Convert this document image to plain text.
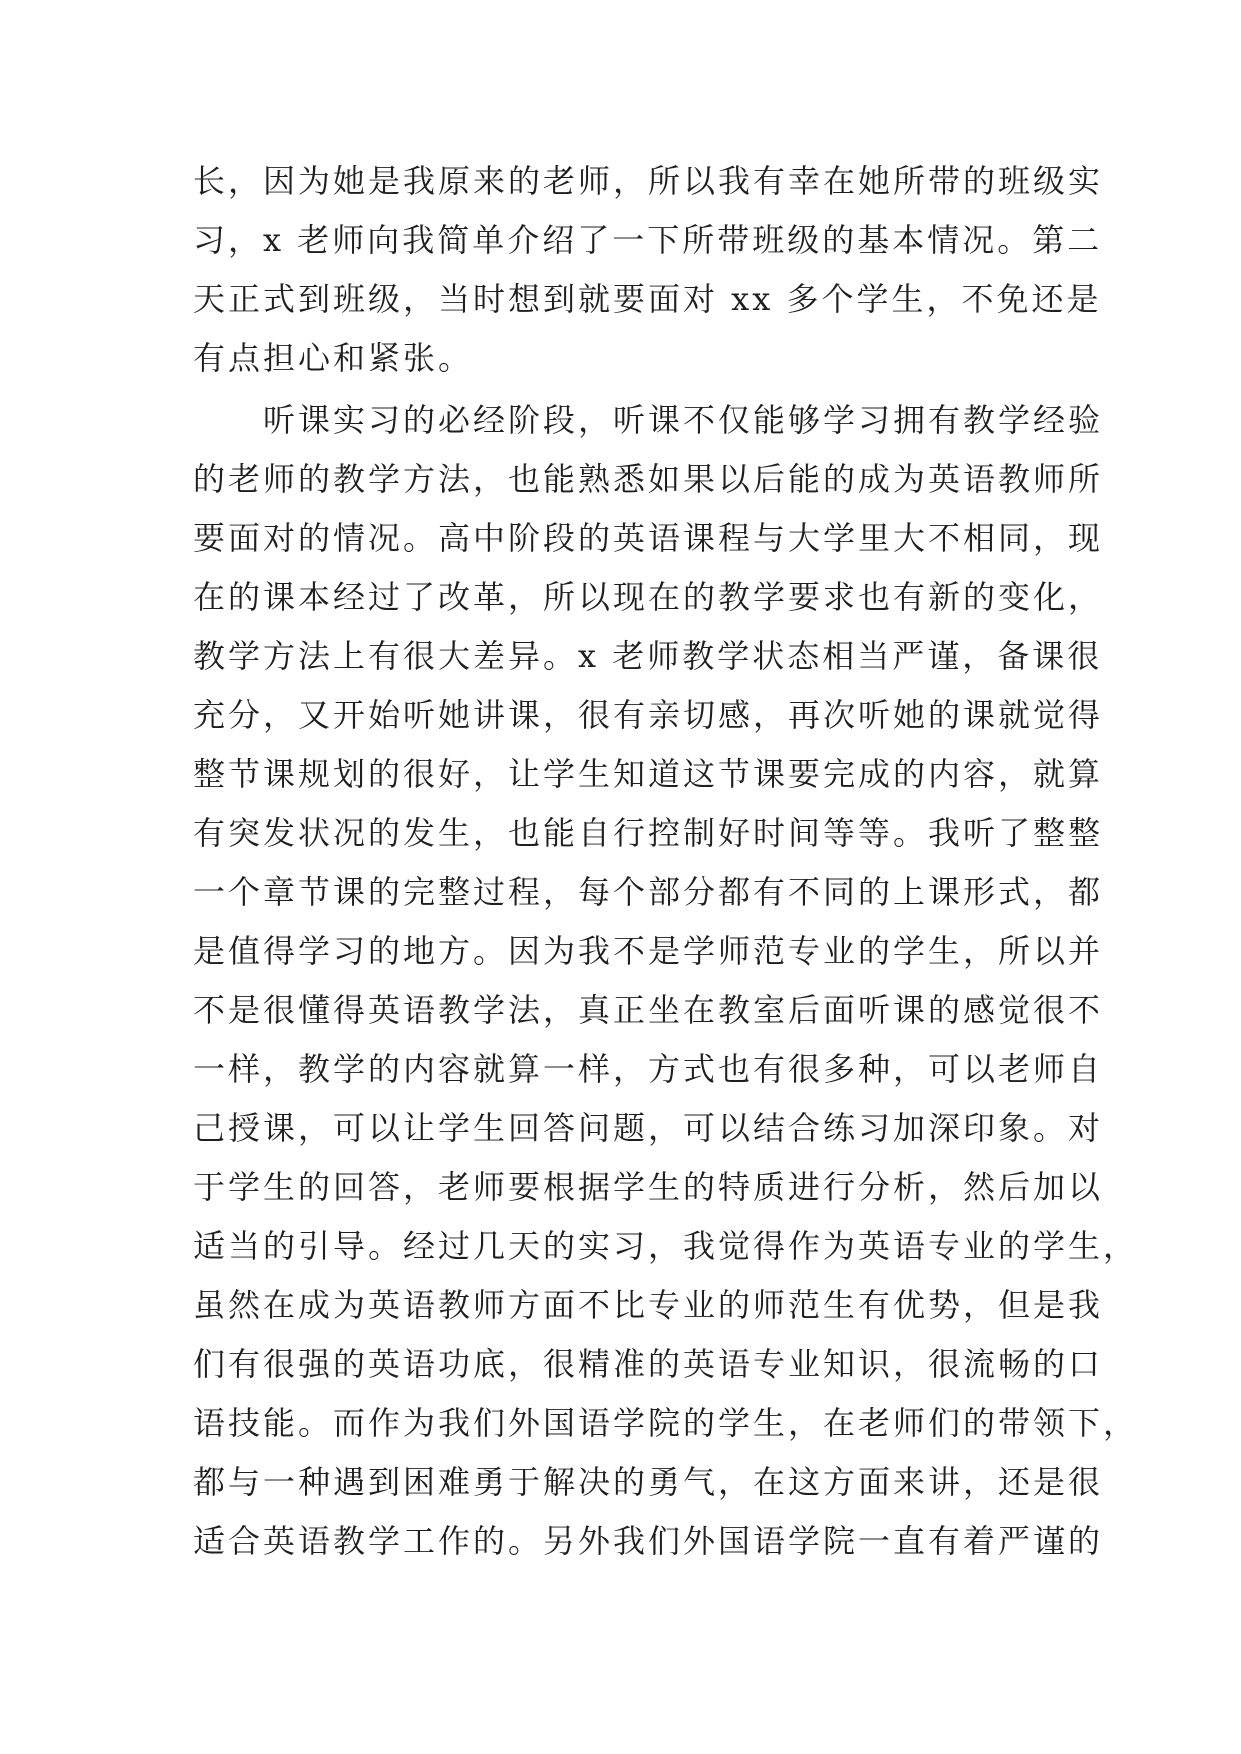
长，因为她是我原来的老师，所以我有幸在她所带的班级实
习，x 老师向我简单介绍了一下所带班级的基本情况。第二
天正式到班级，当时想到就要面对 xx 多个学生，不免还是
有点担心和紧张。
听课实习的必经阶段，听课不仅能够学习拥有教学经验
的老师的教学方法，也能熟悉如果以后能的成为英语教师所
要面对的情况。高中阶段的英语课程与大学里大不相同，现
在的课本经过了改革，所以现在的教学要求也有新的变化，
教学方法上有很大差异。x 老师教学状态相当严谨，备课很
充分，又开始听她讲课，很有亲切感，再次听她的课就觉得
整节课规划的很好，让学生知道这节课要完成的内容，就算
有突发状况的发生，也能自行控制好时间等等。我听了整整
一个章节课的完整过程，每个部分都有不同的上课形式，都
是值得学习的地方。因为我不是学师范专业的学生，所以并
不是很懂得英语教学法，真正坐在教室后面听课的感觉很不
一样，教学的内容就算一样，方式也有很多种，可以老师自
己授课，可以让学生回答问题，可以结合练习加深印象。对
于学生的回答，老师要根据学生的特质进行分析，然后加以
适当的引导。经过几天的实习，我觉得作为英语专业的学生，
虽然在成为英语教师方面不比专业的师范生有优势，但是我
们有很强的英语功底，很精准的英语专业知识，很流畅的口
语技能。而作为我们外国语学院的学生，在老师们的带领下，
都与一种遇到困难勇于解决的勇气，在这方面来讲，还是很
适合英语教学工作的。另外我们外国语学院一直有着严谨的
